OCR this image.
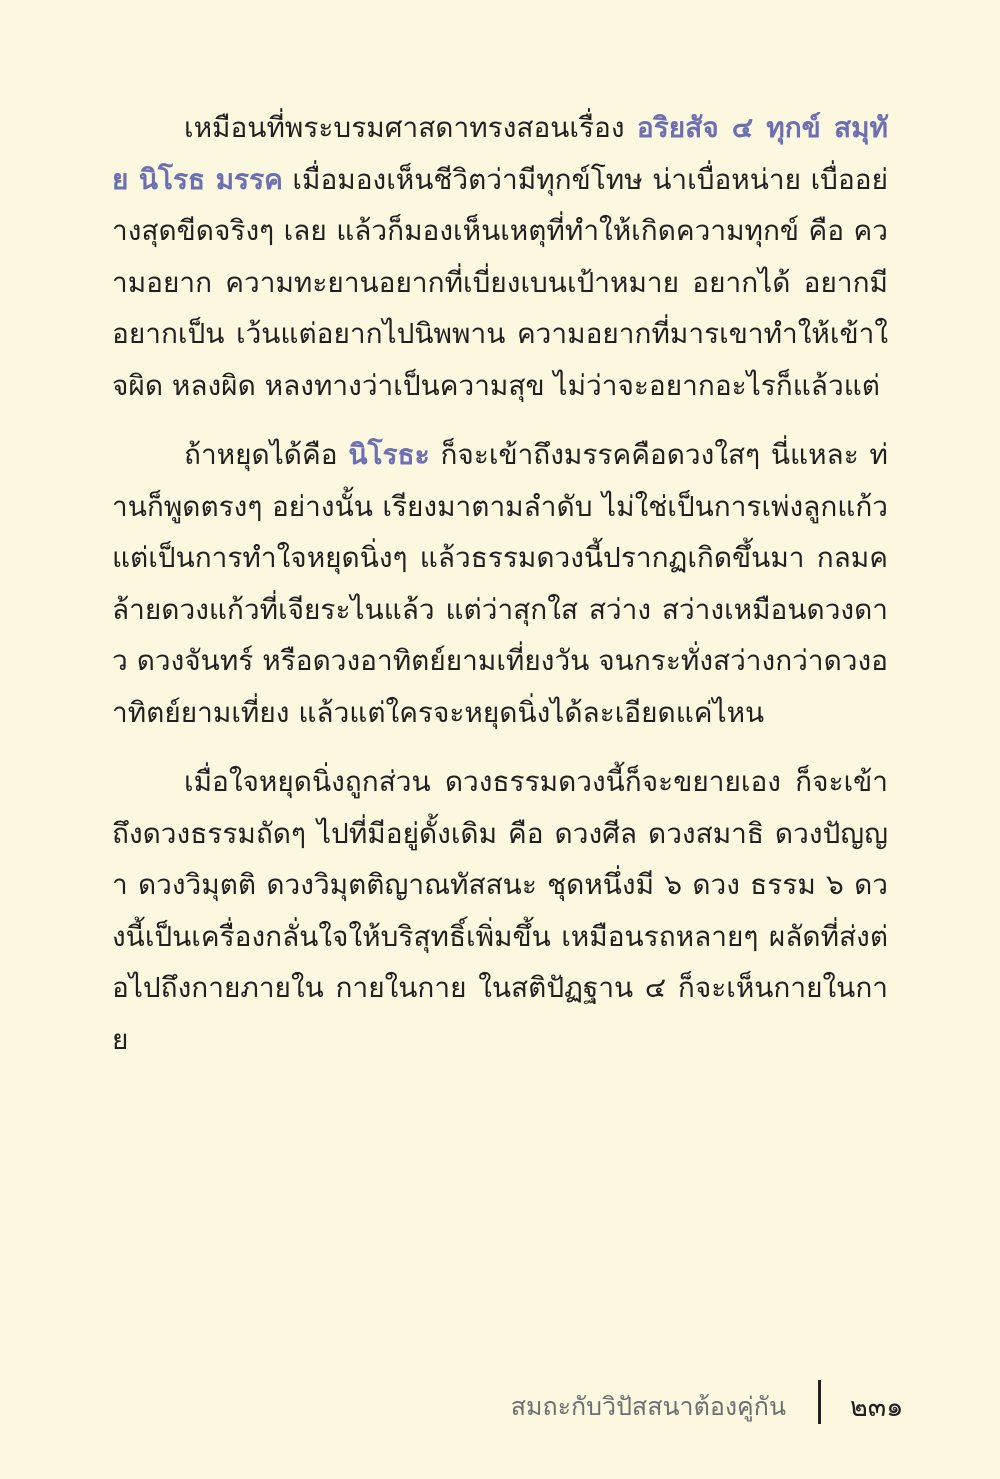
เหมือนที่พระบรมศาสดาทรงสอนเรื่อง อริยสัจ ๔ ทุกข์ สมุทัย นิโรธ มรรค เมื่อมองเห็นชีวิตว่ามีทุกข์โทษ น่าเบื่อหน่าย เบื่ออย่างสุดขีดจริงๆ เลย แล้วก็มองเห็นเหตุที่ทำให้เกิดความทุกข์ คือ ความอยาก ความทะยานอยากที่เบี่ยงเบนเป้าหมาย อยากได้ อยากมี อยากเป็น เว้นแต่อยากไปนิพพาน ความอยากที่มารเขาทำให้เข้าใจผิด หลงผิด หลงทางว่าเป็นความสุข ไม่ว่าจะอยากอะไรก็แล้วแต่

ถ้าหยุดได้คือ นิโรธะ ก็จะเข้าถึงมรรคคือดวงใสๆ นี่แหละ ท่านก็พูดตรงๆ อย่างนั้น เรียงมาตามลำดับ ไม่ใช่เป็นการเพ่งลูกแก้ว แต่เป็นการทำใจหยุดนิ่งๆ แล้วธรรมดวงนี้ปรากฏเกิดขึ้นมา กลมคล้ายดวงแก้วที่เจียระไนแล้ว แต่ว่าสุกใส สว่าง สว่างเหมือนดวงดาว ดวงจันทร์ หรือดวงอาทิตย์ยามเที่ยงวัน จนกระทั่งสว่างกว่าดวงอาทิตย์ยามเที่ยง แล้วแต่ใครจะหยุดนิ่งได้ละเอียดแค่ไหน

เมื่อใจหยุดนิ่งถูกส่วน ดวงธรรมดวงนี้ก็จะขยายเอง ก็จะเข้าถึงดวงธรรมถัดๆ ไปที่มีอยู่ดั้งเดิม คือ ดวงศีล ดวงสมาธิ ดวงปัญญา ดวงวิมุตติ ดวงวิมุตติญาณทัสสนะ ชุดหนึ่งมี ๖ ดวง ธรรม ๖ ดวงนี้เป็นเครื่องกลั่นใจให้บริสุทธิ์เพิ่มขึ้น เหมือนรถหลายๆ ผลัดที่ส่งต่อไปถึงกายภายใน กายในกาย ในสติปัฏฐาน ๔ ก็จะเห็นกายในกาย

สมถะกับวิปัสสนาต้องคู่กัน ๒๓๑
